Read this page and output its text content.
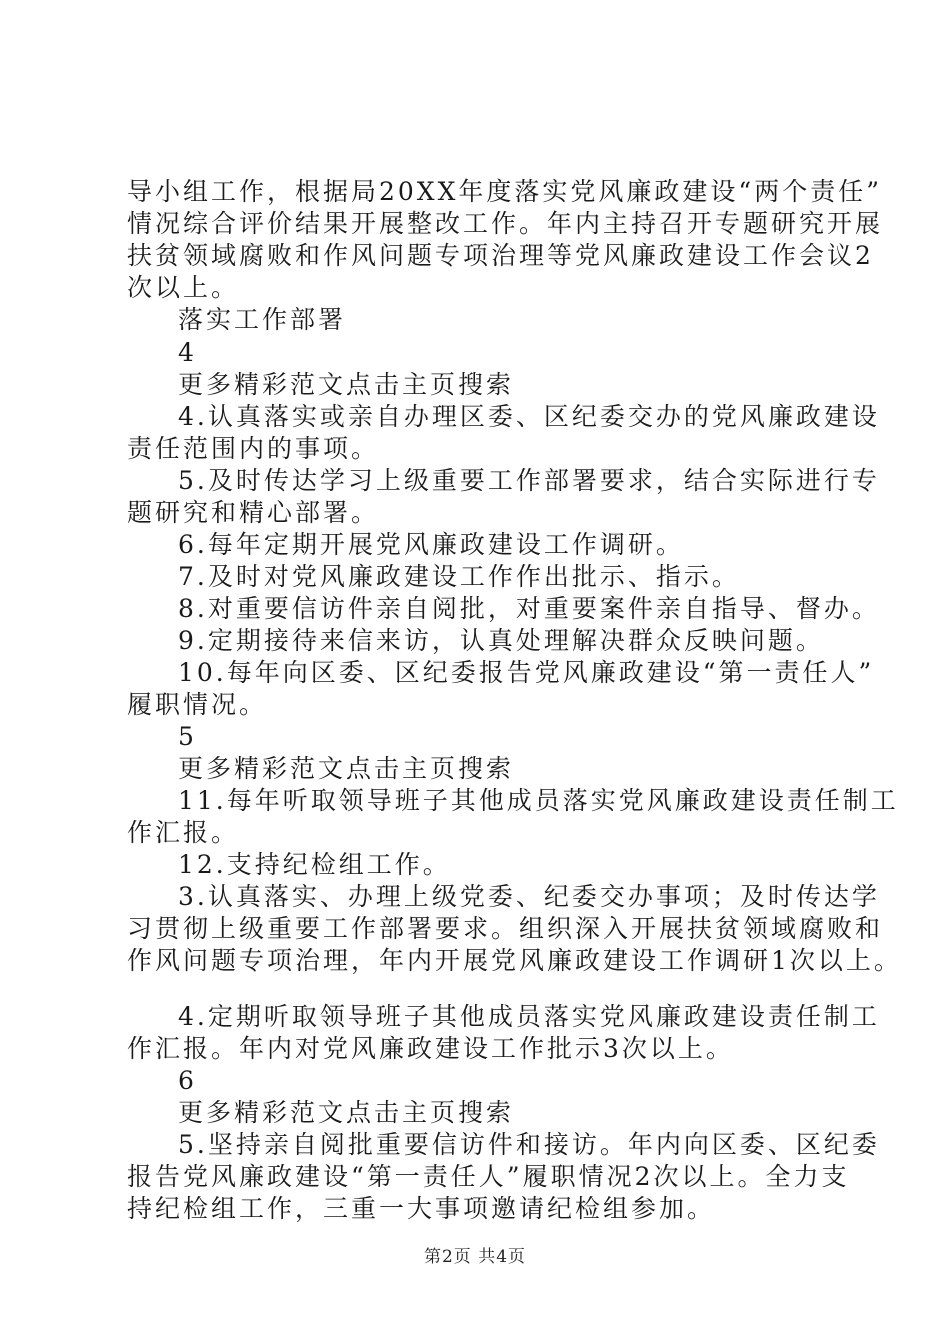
导小组工作，根据局20XX年度落实党风廉政建设“两个责任”
情况综合评价结果开展整改工作。年内主持召开专题研究开展
扶贫领域腐败和作风问题专项治理等党风廉政建设工作会议2
次以上。
落实工作部署
4
更多精彩范文点击主页搜索
4.认真落实或亲自办理区委、区纪委交办的党风廉政建设
责任范围内的事项。
5.及时传达学习上级重要工作部署要求，结合实际进行专
题研究和精心部署。
6.每年定期开展党风廉政建设工作调研。
7.及时对党风廉政建设工作作出批示、指示。
8.对重要信访件亲自阅批，对重要案件亲自指导、督办。
9.定期接待来信来访，认真处理解决群众反映问题。
10.每年向区委、区纪委报告党风廉政建设“第一责任人”
履职情况。
5
更多精彩范文点击主页搜索
11.每年听取领导班子其他成员落实党风廉政建设责任制工
作汇报。
12.支持纪检组工作。
3.认真落实、办理上级党委、纪委交办事项；及时传达学
习贯彻上级重要工作部署要求。组织深入开展扶贫领域腐败和
作风问题专项治理，年内开展党风廉政建设工作调研1次以上。
4.定期听取领导班子其他成员落实党风廉政建设责任制工
作汇报。年内对党风廉政建设工作批示3次以上。
6
更多精彩范文点击主页搜索
5.坚持亲自阅批重要信访件和接访。年内向区委、区纪委
报告党风廉政建设“第一责任人”履职情况2次以上。全力支
持纪检组工作，三重一大事项邀请纪检组参加。
第2页 共4页
